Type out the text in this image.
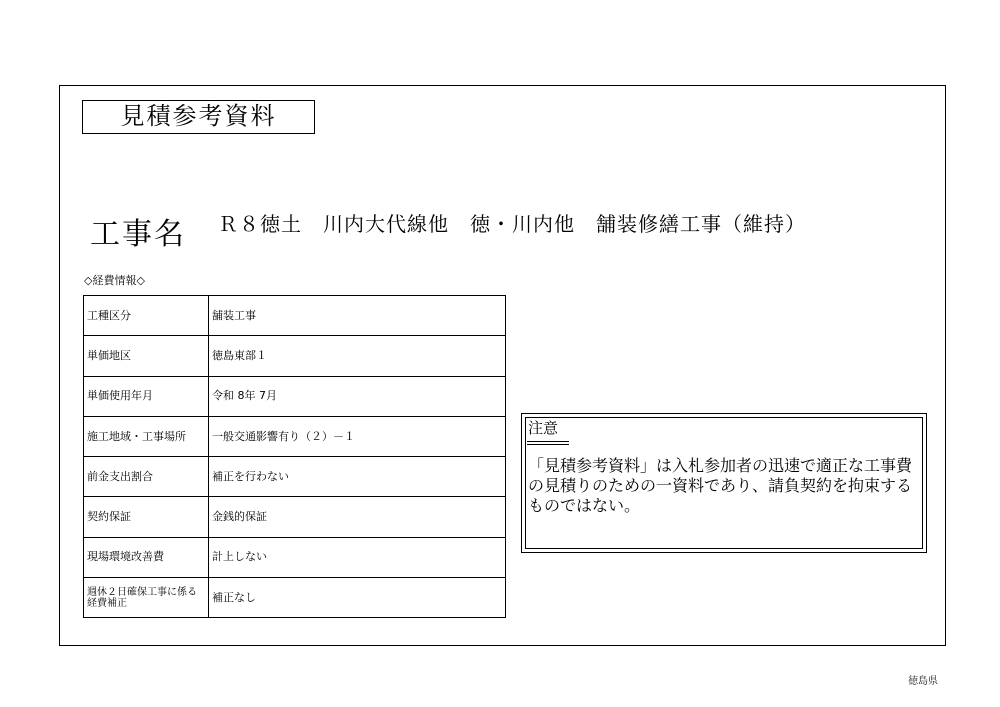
見積参考資料
工事名 Ｒ８徳土　川内大代線他　徳・川内他　舗装修繕工事（維持）
◇経費情報◇
工種区分	舗装工事
単価地区	徳島東部１
単価使用年月	令和 8年 7月
施工地域・工事場所	一般交通影響有り（２）－１
前金支出割合	補正を行わない
契約保証	金銭的保証
現場環境改善費	計上しない
週休２日確保工事に係る経費補正	補正なし
注意
「見積参考資料」は入札参加者の迅速で適正な工事費の見積りのための一資料であり、請負契約を拘束するものではない。
徳島県
